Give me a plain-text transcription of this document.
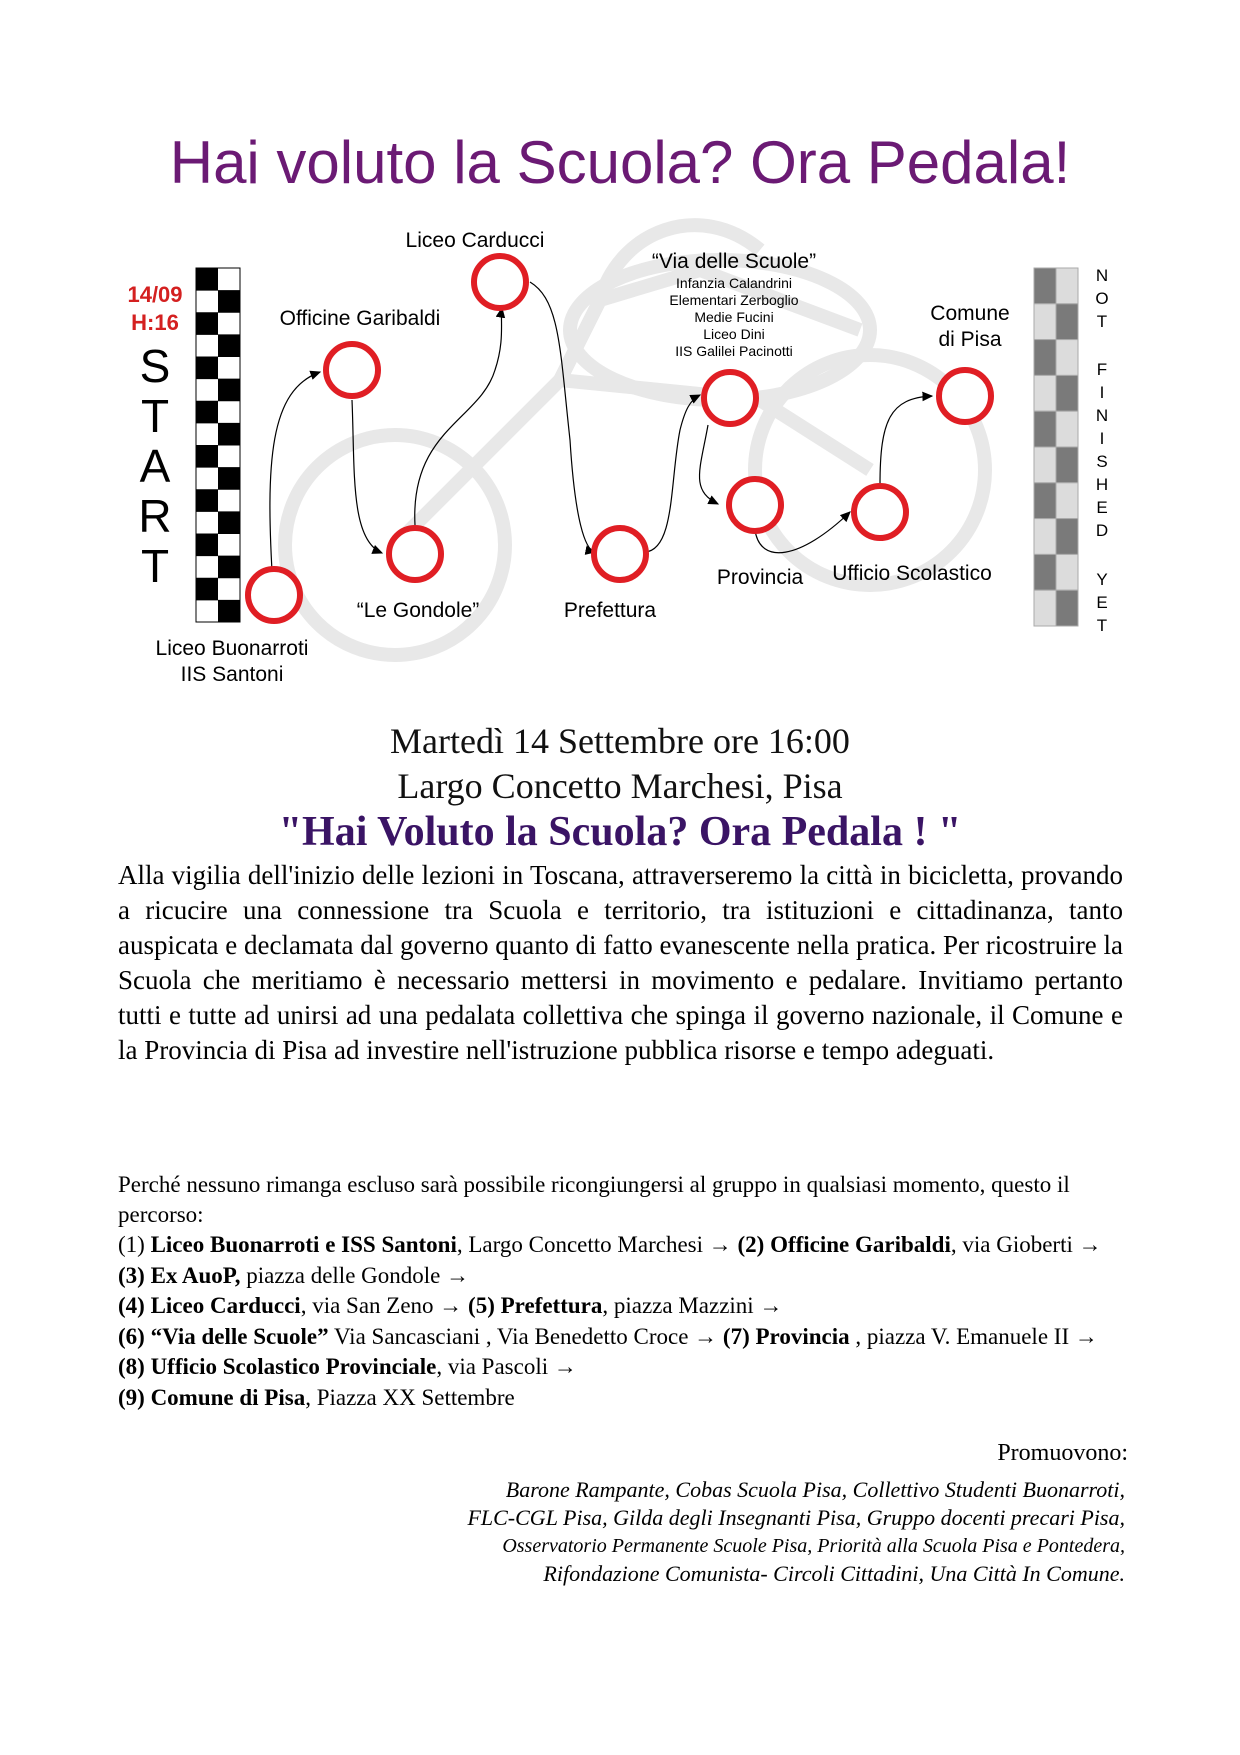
Hai voluto la Scuola? Ora Pedala!
14/09
H:16
S
T
A
R
T
N
O
T
F
I
N
I
S
H
E
D
Y
E
T
Liceo Buonarroti
IIS Santoni
Officine Garibaldi
“Le Gondole”
Liceo Carducci
Prefettura
“Via delle Scuole”
Infanzia Calandrini
Elementari Zerboglio
Medie Fucini
Liceo Dini
IIS Galilei Pacinotti
Provincia Ufficio Scolastico
Comune
di Pisa
Martedì 14 Settembre ore 16:00
Largo Concetto Marchesi, Pisa
"Hai Voluto la Scuola? Ora Pedala ! "

Alla vigilia dell'inizio delle lezioni in Toscana, attraverseremo la città in bicicletta, provando a ricucire una connessione tra Scuola e territorio, tra istituzioni e cittadinanza, tanto auspicata e declamata dal governo quanto di fatto evanescente nella pratica. Per ricostruire la Scuola che meritiamo è necessario mettersi in movimento e pedalare. Invitiamo pertanto tutti e tutte ad unirsi ad una pedalata collettiva che spinga il governo nazionale, il Comune e la Provincia di Pisa ad investire nell'istruzione pubblica risorse e tempo adeguati.

Perché nessuno rimanga escluso sarà possibile ricongiungersi al gruppo in qualsiasi momento, questo il percorso:

(1) Liceo Buonarroti e ISS Santoni, Largo Concetto Marchesi → (2) Officine Garibaldi, via Gioberti → (3) Ex AuoP, piazza delle Gondole →
(4) Liceo Carducci, via San Zeno → (5) Prefettura, piazza Mazzini →
(6) “Via delle Scuole” Via Sancasciani , Via Benedetto Croce → (7) Provincia , piazza V. Emanuele II → (8) Ufficio Scolastico Provinciale, via Pascoli →
(9) Comune di Pisa, Piazza XX Settembre

Promuovono:

Barone Rampante, Cobas Scuola Pisa, Collettivo Studenti Buonarroti,

FLC-CGL Pisa, Gilda degli Insegnanti Pisa, Gruppo docenti precari Pisa,

Osservatorio Permanente Scuole Pisa, Priorità alla Scuola Pisa e Pontedera,

Rifondazione Comunista- Circoli Cittadini, Una Città In Comune.
